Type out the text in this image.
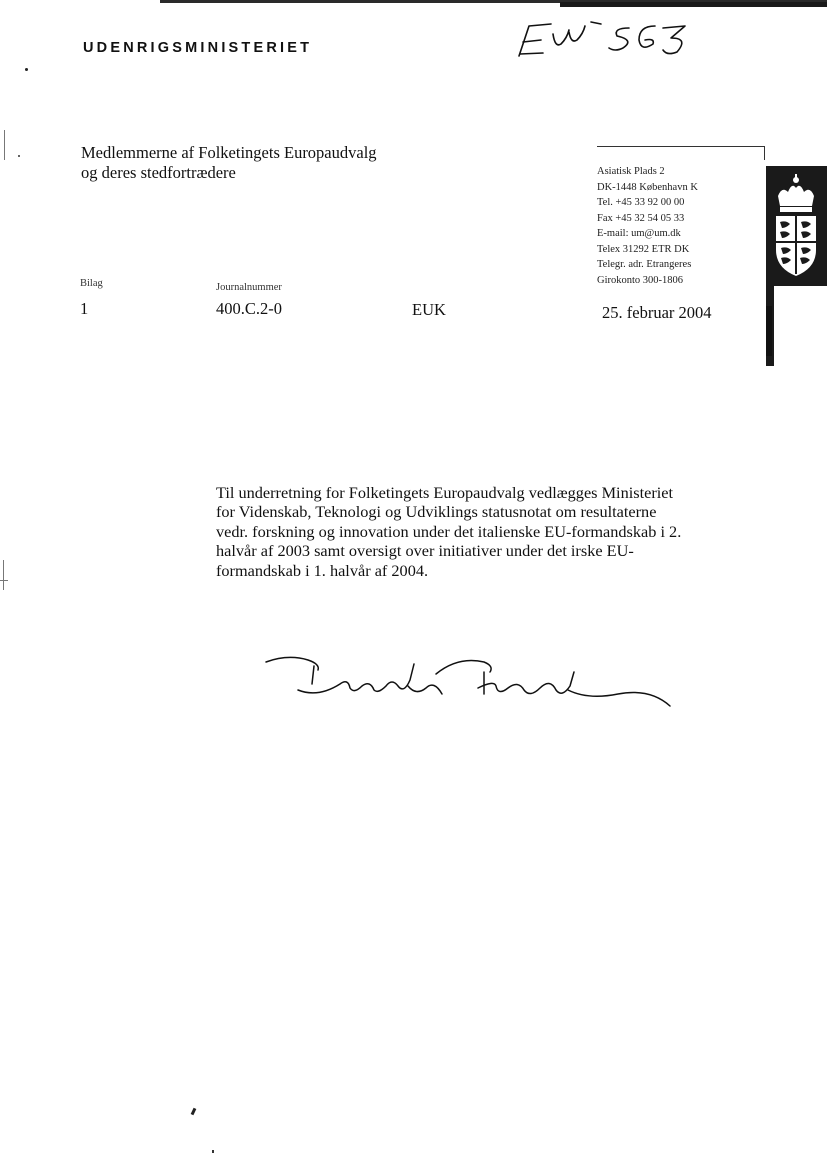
UDENRIGSMINISTERIET
Medlemmerne af Folketingets Europaudvalg
og deres stedfortrædere	Asiatisk Plads 2
DK-1448 København K
Tel. +45 33 92 00 00
Fax +45 32 54 05 33
E-mail: um@um.dk
Telex 31292 ETR DK
Telegr. adr. Etrangeres
Girokonto 300-1806
Bilag
1
Journalnummer
400.C.2-0	EUK	25. februar 2004
Til underretning for Folketingets Europaudvalg vedlægges Ministeriet
for Videnskab, Teknologi og Udviklings statusnotat om resultaterne
vedr. forskning og innovation under det italienske EU-formandskab i 2.
halvår af 2003 samt oversigt over initiativer under det irske EU-
formandskab i 1. halvår af 2004.
